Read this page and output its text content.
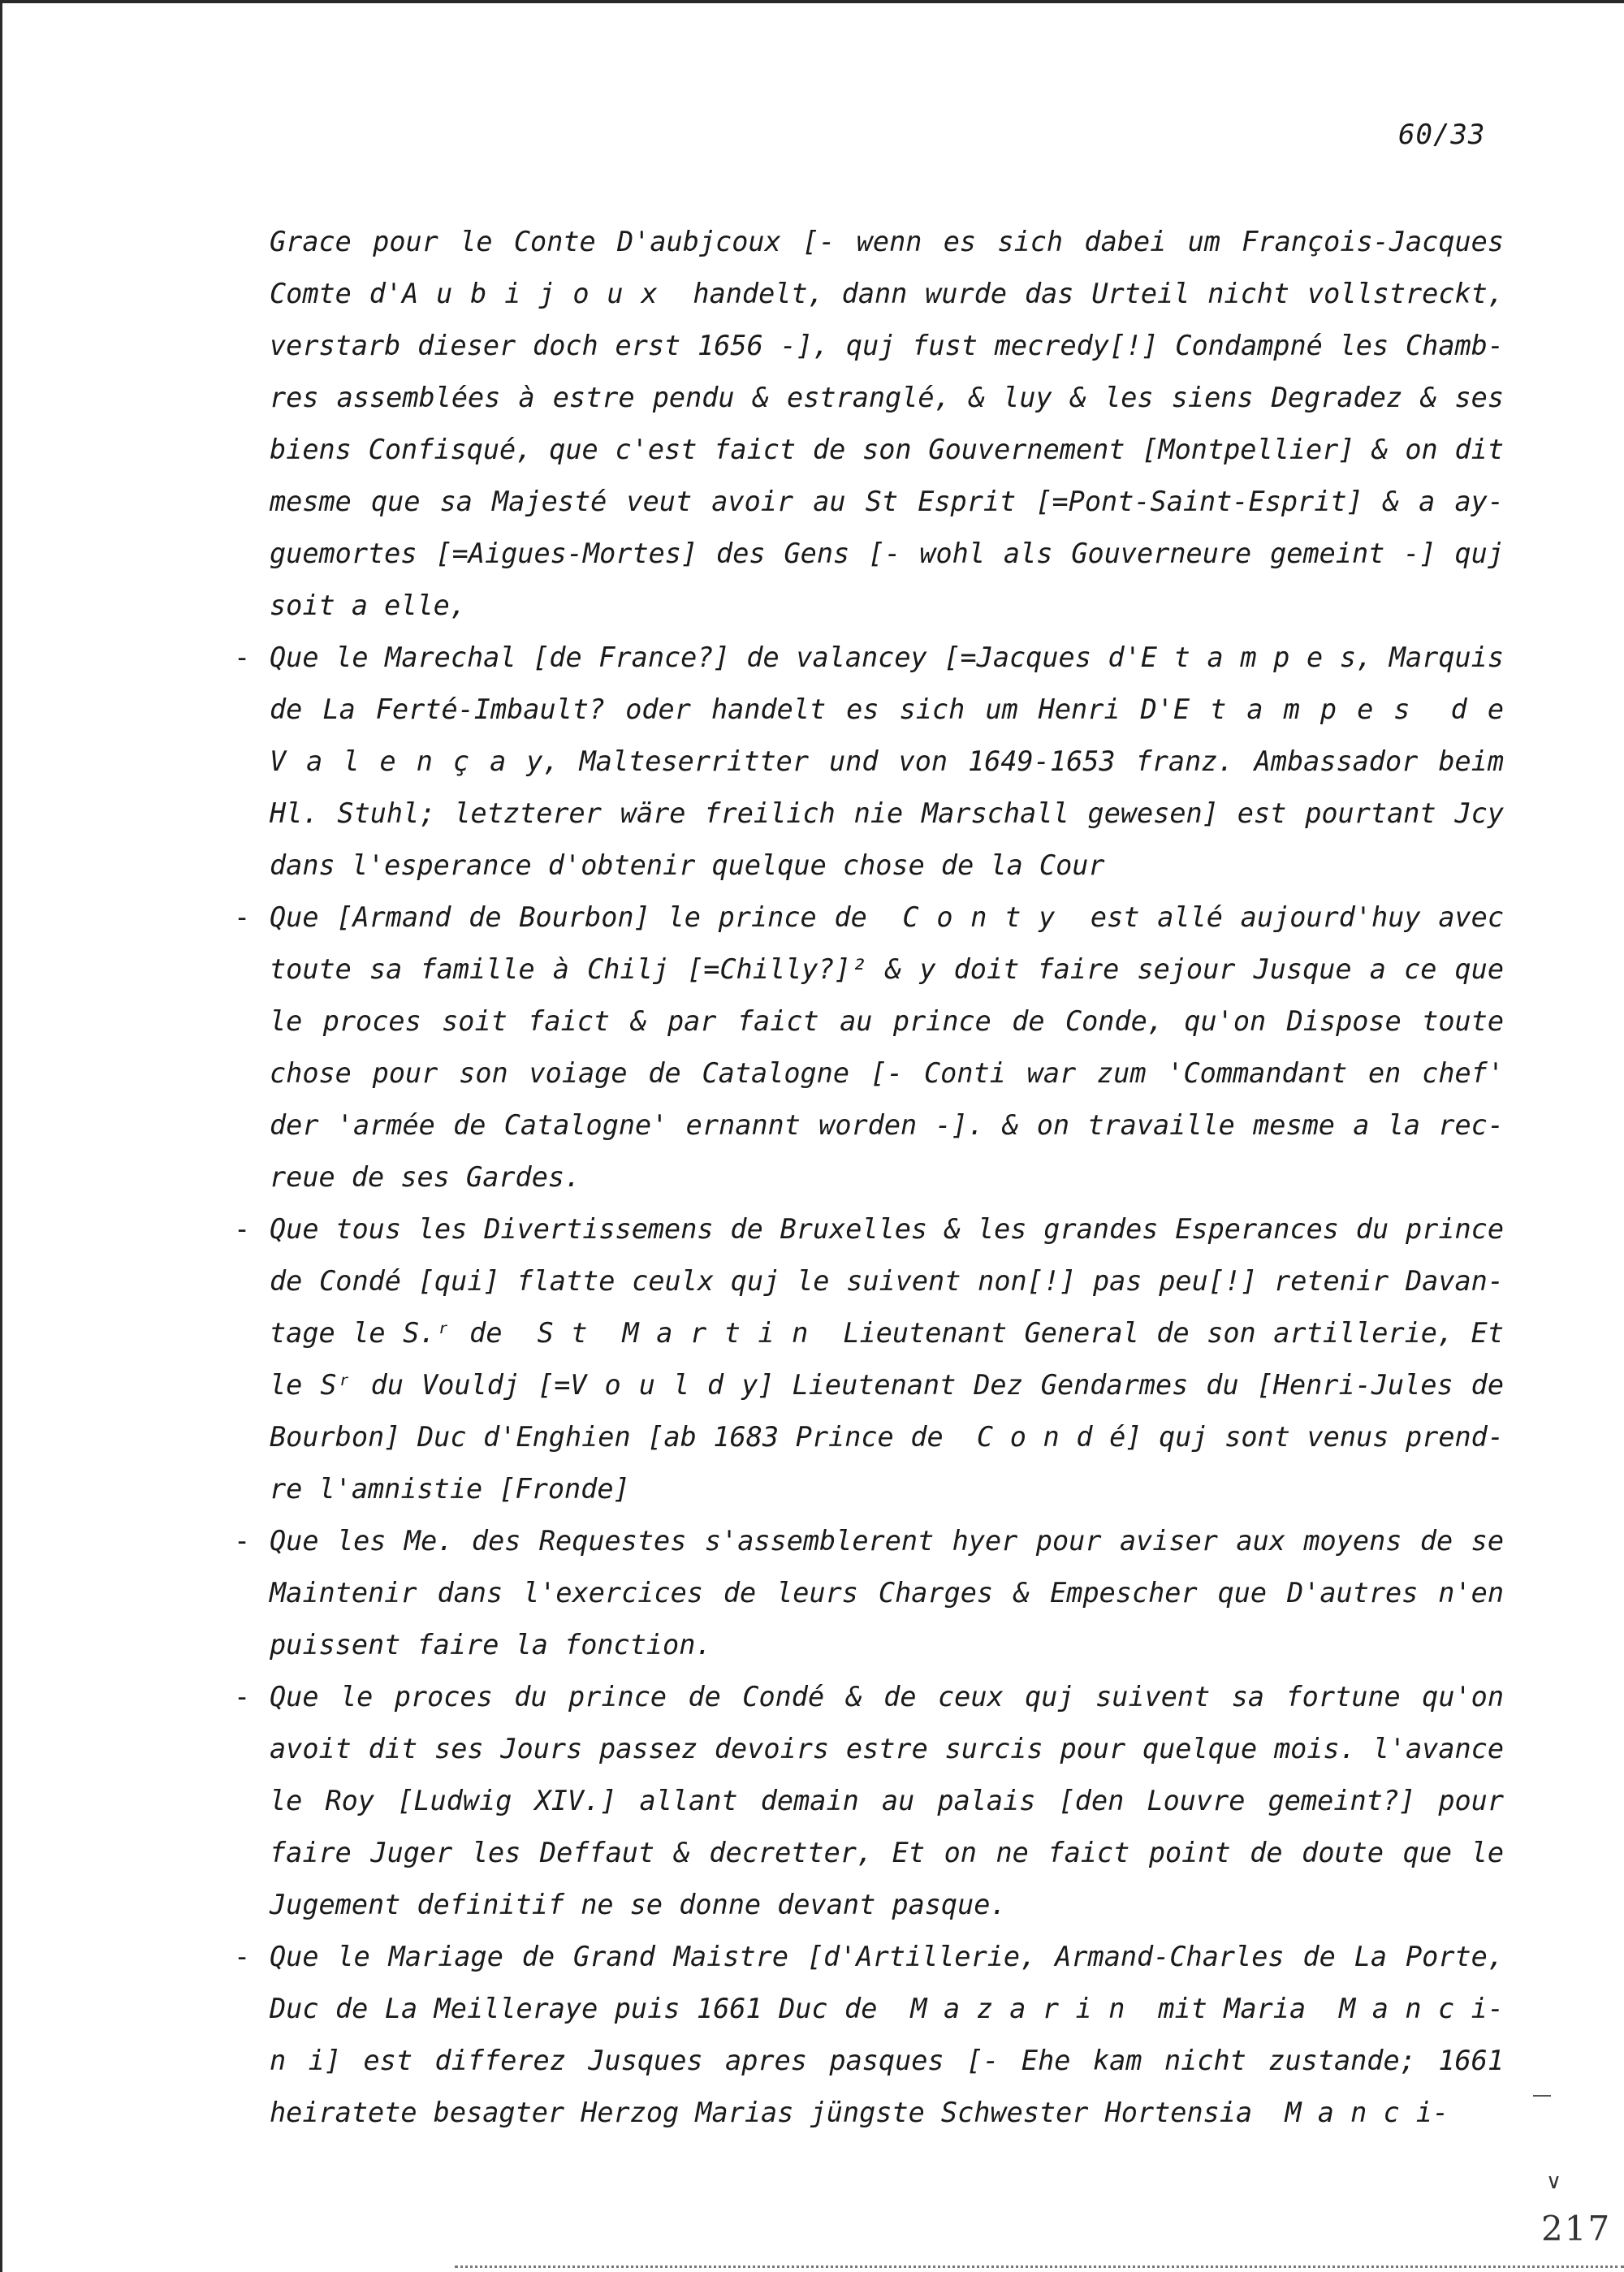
60/33
Grace pour le Conte D'aubjcoux [- wenn es sich dabei um François-Jacques
Comte d'A u b i j o u x  handelt, dann wurde das Urteil nicht vollstreckt,
verstarb dieser doch erst 1656 -], quj fust mecredy[!] Condampné les Chamb-
res assemblées à estre pendu & estranglé, & luy & les siens Degradez & ses
biens Confisqué, que c'est faict de son Gouvernement [Montpellier] & on dit
mesme que sa Majesté veut avoir au St Esprit [=Pont-Saint-Esprit] & a ay-
guemortes [=Aigues-Mortes] des Gens [- wohl als Gouverneure gemeint -] quj
soit a elle,
- Que le Marechal [de France?] de valancey [=Jacques d'E t a m p e s, Marquis
de La Ferté-Imbault? oder handelt es sich um Henri D'E t a m p e s  d e
V a l e n ç a y, Malteserritter und von 1649-1653 franz. Ambassador beim
Hl. Stuhl; letzterer wäre freilich nie Marschall gewesen] est pourtant Jcy
dans l'esperance d'obtenir quelque chose de la Cour
- Que [Armand de Bourbon] le prince de  C o n t y  est allé aujourd'huy avec
toute sa famille à Chilj [=Chilly?]² & y doit faire sejour Jusque a ce que
le proces soit faict & par faict au prince de Conde, qu'on Dispose toute
chose pour son voiage de Catalogne [- Conti war zum 'Commandant en chef'
der 'armée de Catalogne' ernannt worden -]. & on travaille mesme a la rec-
reue de ses Gardes.
- Que tous les Divertissemens de Bruxelles & les grandes Esperances du prince
de Condé [qui] flatte ceulx quj le suivent non[!] pas peu[!] retenir Davan-
tage le S.ʳ de  S t  M a r t i n  Lieutenant General de son artillerie, Et
le Sʳ du Vouldj [=V o u l d y] Lieutenant Dez Gendarmes du [Henri-Jules de
Bourbon] Duc d'Enghien [ab 1683 Prince de  C o n d é] quj sont venus prend-
re l'amnistie [Fronde]
- Que les Me. des Requestes s'assemblerent hyer pour aviser aux moyens de se
Maintenir dans l'exercices de leurs Charges & Empescher que D'autres n'en
puissent faire la fonction.
- Que le proces du prince de Condé & de ceux quj suivent sa fortune qu'on
avoit dit ses Jours passez devoirs estre surcis pour quelque mois. l'avance
le Roy [Ludwig XIV.] allant demain au palais [den Louvre gemeint?] pour
faire Juger les Deffaut & decretter, Et on ne faict point de doute que le
Jugement definitif ne se donne devant pasque.
- Que le Mariage de Grand Maistre [d'Artillerie, Armand-Charles de La Porte,
Duc de La Meilleraye puis 1661 Duc de  M a z a r i n  mit Maria  M a n c i-
n i] est differez Jusques apres pasques [- Ehe kam nicht zustande; 1661
heiratete besagter Herzog Marias jüngste Schwester Hortensia  M a n c i-
∨
217
